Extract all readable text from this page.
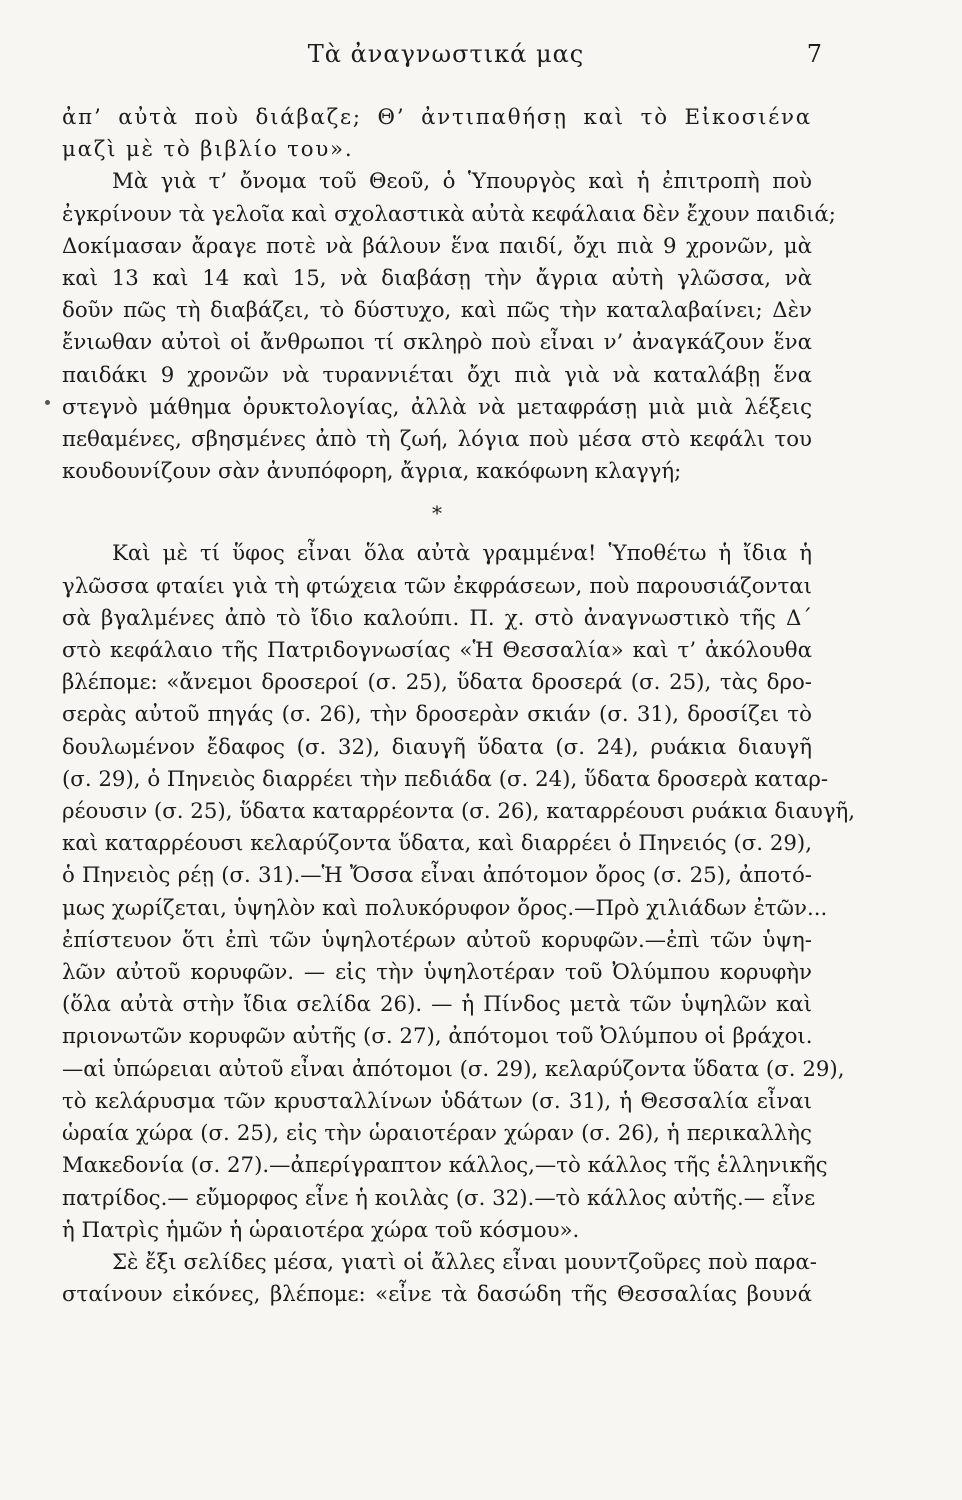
Τὰ ἀναγνωστικά μας	7
ἀπ’ αὐτὰ ποὺ διάβαζε; Θ’ ἀντιπαθήσῃ καὶ τὸ Εἰκοσιένα
μαζὶ μὲ τὸ βιβλίο του».
Μὰ γιὰ τ’ ὄνομα τοῦ Θεοῦ, ὁ Ὑπουργὸς καὶ ἡ ἐπιτροπὴ ποὺ
ἐγκρίνουν τὰ γελοῖα καὶ σχολαστικὰ αὐτὰ κεφάλαια δὲν ἔχουν παιδιά;
Δοκίμασαν ἄραγε ποτὲ νὰ βάλουν ἕνα παιδί, ὄχι πιὰ 9 χρονῶν, μὰ
καὶ 13 καὶ 14 καὶ 15, νὰ διαβάσῃ τὴν ἄγρια αὐτὴ γλῶσσα, νὰ
δοῦν πῶς τὴ διαβάζει, τὸ δύστυχο, καὶ πῶς τὴν καταλαβαίνει; Δὲν
ἔνιωθαν αὐτοὶ οἱ ἄνθρωποι τί σκληρὸ ποὺ εἶναι ν’ ἀναγκάζουν ἕνα
παιδάκι 9 χρονῶν νὰ τυραννιέται ὄχι πιὰ γιὰ νὰ καταλάβῃ ἕνα
στεγνὸ μάθημα ὀρυκτολογίας, ἀλλὰ νὰ μεταφράσῃ μιὰ μιὰ λέξεις
πεθαμένες, σβησμένες ἀπὸ τὴ ζωή, λόγια ποὺ μέσα στὸ κεφάλι του
κουδουνίζουν σὰν ἀνυπόφορη, ἄγρια, κακόφωνη κλαγγή;
*
Καὶ μὲ τί ὕφος εἶναι ὅλα αὐτὰ γραμμένα! Ὑποθέτω ἡ ἴδια ἡ
γλῶσσα φταίει γιὰ τὴ φτώχεια τῶν ἐκφράσεων, ποὺ παρουσιάζονται
σὰ βγαλμένες ἀπὸ τὸ ἴδιο καλούπι. Π. χ. στὸ ἀναγνωστικὸ τῆς Δ΄
στὸ κεφάλαιο τῆς Πατριδογνωσίας «Ἡ Θεσσαλία» καὶ τ’ ἀκόλουθα
βλέπομε: «ἄνεμοι δροσεροί (σ. 25), ὕδατα δροσερά (σ. 25), τὰς δρο-
σερὰς αὐτοῦ πηγάς (σ. 26), τὴν δροσερὰν σκιάν (σ. 31), δροσίζει τὸ
δουλωμένον ἔδαφος (σ. 32), διαυγῆ ὕδατα (σ. 24), ρυάκια διαυγῆ
(σ. 29), ὁ Πηνειὸς διαρρέει τὴν πεδιάδα (σ. 24), ὕδατα δροσερὰ καταρ-
ρέουσιν (σ. 25), ὕδατα καταρρέοντα (σ. 26), καταρρέουσι ρυάκια διαυγῆ,
καὶ καταρρέουσι κελαρύζοντα ὕδατα, καὶ διαρρέει ὁ Πηνειός (σ. 29),
ὁ Πηνειὸς ρέῃ (σ. 31).—Ἡ Ὄσσα εἶναι ἀπότομον ὄρος (σ. 25), ἀποτό-
μως χωρίζεται, ὑψηλὸν καὶ πολυκόρυφον ὄρος.—Πρὸ χιλιάδων ἐτῶν...
ἐπίστευον ὅτι ἐπὶ τῶν ὑψηλοτέρων αὐτοῦ κορυφῶν.—ἐπὶ τῶν ὑψη-
λῶν αὐτοῦ κορυφῶν. — εἰς τὴν ὑψηλοτέραν τοῦ Ὀλύμπου κορυφὴν
(ὅλα αὐτὰ στὴν ἴδια σελίδα 26). — ἡ Πίνδος μετὰ τῶν ὑψηλῶν καὶ
πριονωτῶν κορυφῶν αὐτῆς (σ. 27), ἀπότομοι τοῦ Ὀλύμπου οἱ βράχοι.
—αἱ ὑπώρειαι αὐτοῦ εἶναι ἀπότομοι (σ. 29), κελαρύζοντα ὕδατα (σ. 29),
τὸ κελάρυσμα τῶν κρυσταλλίνων ὑδάτων (σ. 31), ἡ Θεσσαλία εἶναι
ὡραία χώρα (σ. 25), εἰς τὴν ὡραιοτέραν χώραν (σ. 26), ἡ περικαλλὴς
Μακεδονία (σ. 27).—ἀπερίγραπτον κάλλος,—τὸ κάλλος τῆς ἑλληνικῆς
πατρίδος.— εὔμορφος εἶνε ἡ κοιλὰς (σ. 32).—τὸ κάλλος αὐτῆς.— εἶνε
ἡ Πατρὶς ἡμῶν ἡ ὡραιοτέρα χώρα τοῦ κόσμου».
Σὲ ἔξι σελίδες μέσα, γιατὶ οἱ ἄλλες εἶναι μουντζοῦρες ποὺ παρα-
σταίνουν εἰκόνες, βλέπομε: «εἶνε τὰ δασώδη τῆς Θεσσαλίας βουνά
